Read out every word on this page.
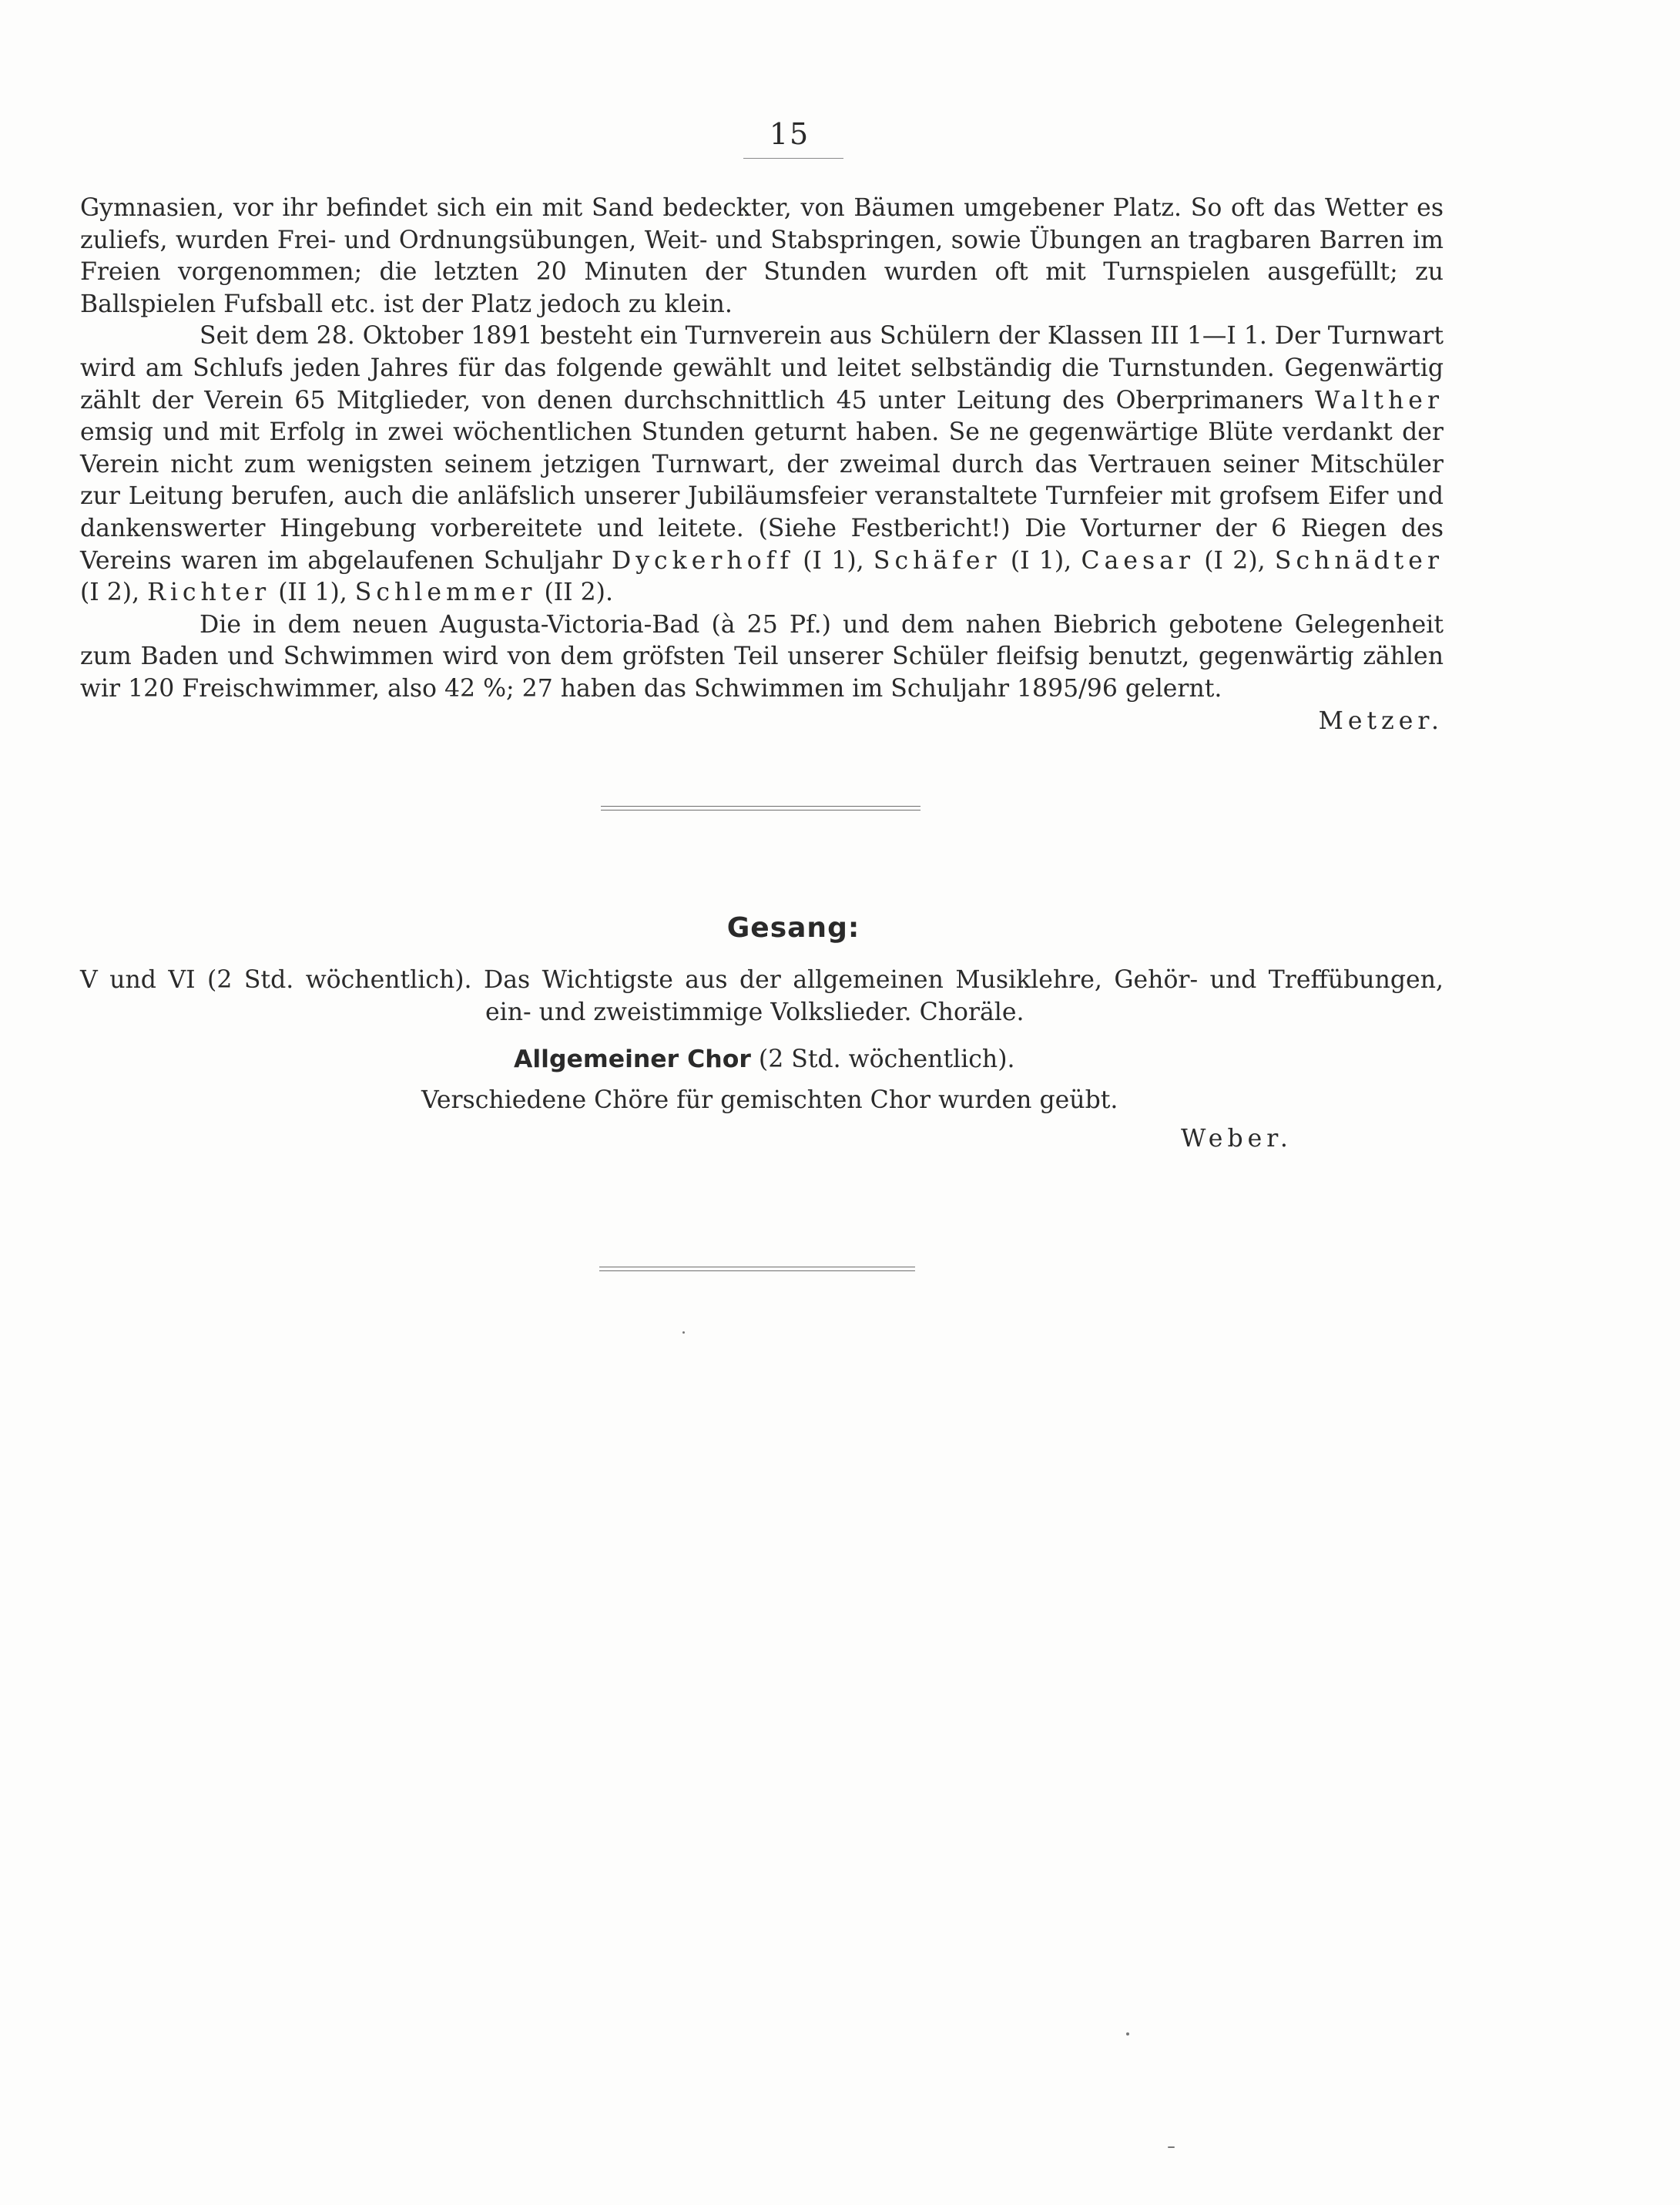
15

Gymnasien, vor ihr befindet sich ein mit Sand bedeckter, von Bäumen umgebener Platz. So oft das Wetter es zuliefs, wurden Frei- und Ordnungsübungen, Weit- und Stabspringen, sowie Übungen an tragbaren Barren im Freien vorgenommen; die letzten 20 Minuten der Stunden wurden oft mit Turnspielen ausgefüllt; zu Ballspielen Fufsball etc. ist der Platz jedoch zu klein.

Seit dem 28. Oktober 1891 besteht ein Turnverein aus Schülern der Klassen III 1—I 1. Der Turnwart wird am Schlufs jeden Jahres für das folgende gewählt und leitet selbständig die Turnstunden. Gegenwärtig zählt der Verein 65 Mitglieder, von denen durchschnittlich 45 unter Leitung des Oberprimaners Walther emsig und mit Erfolg in zwei wöchentlichen Stunden geturnt haben. Se ne gegenwärtige Blüte verdankt der Verein nicht zum wenigsten seinem jetzigen Turnwart, der zweimal durch das Vertrauen seiner Mitschüler zur Leitung berufen, auch die anläfslich unserer Jubiläumsfeier veranstaltete Turnfeier mit grofsem Eifer und dankenswerter Hingebung vorbereitete und leitete. (Siehe Festbericht!) Die Vorturner der 6 Riegen des Vereins waren im abgelaufenen Schuljahr Dyckerhoff (I 1), Schäfer (I 1), Caesar (I 2), Schnädter (I 2), Richter (II 1), Schlemmer (II 2).

Die in dem neuen Augusta-Victoria-Bad (à 25 Pf.) und dem nahen Biebrich gebotene Gelegenheit zum Baden und Schwimmen wird von dem gröfsten Teil unserer Schüler fleifsig benutzt, gegenwärtig zählen wir 120 Freischwimmer, also 42 %; 27 haben das Schwimmen im Schuljahr 1895/96 gelernt.
Metzer.

Gesang:
V und VI (2 Std. wöchentlich). Das Wichtigste aus der allgemeinen Musiklehre, Gehör- und Treffübungen,
ein- und zweistimmige Volkslieder. Choräle.
Allgemeiner Chor (2 Std. wöchentlich).
Verschiedene Chöre für gemischten Chor wurden geübt.
Weber.
